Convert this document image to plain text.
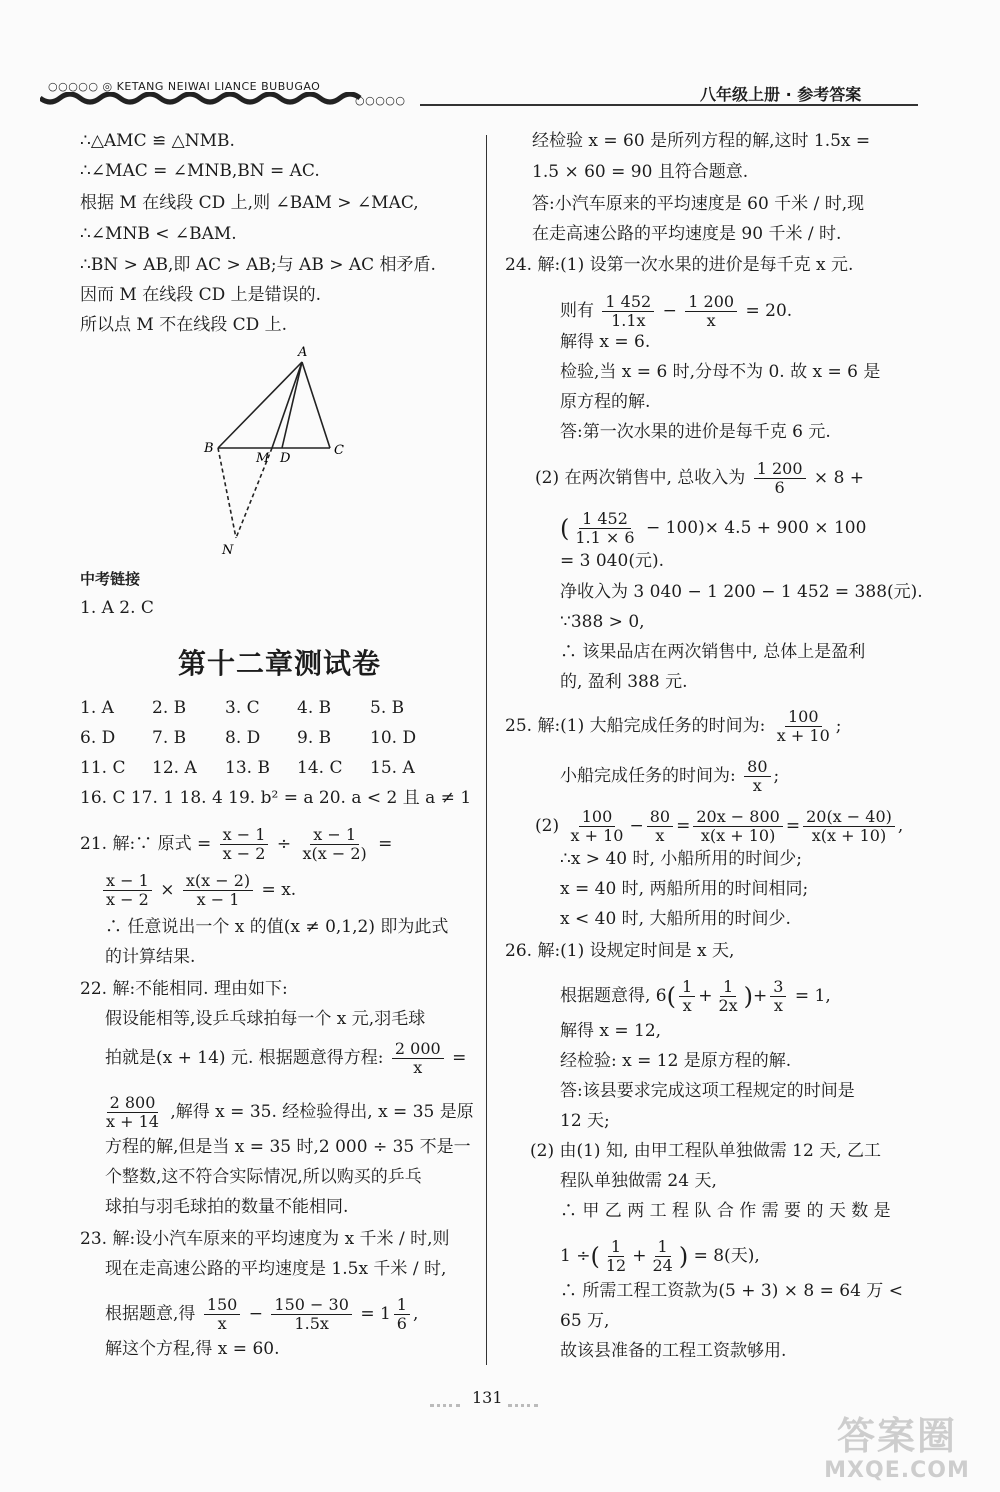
○○○○○ ◎ KETANG NEIWAI LIANCE BUBUGAO
○○○○○	八年级上册 · 参考答案
∴△AMC ≌ △NMB.
∴∠MAC = ∠MNB,BN = AC.
根据 M 在线段 CD 上,则 ∠BAM > ∠MAC,
∴∠MNB < ∠BAM.
∴BN > AB,即 AC > AB;与 AB > AC 相矛盾.
因而 M 在线段 CD 上是错误的.
所以点 M 不在线段 CD 上.
A
B	C
M D
N
中考链接
1. A 2. C
第十二章测试卷
1. A 2. B 3. C 4. B 5. B
6. D 7. B 8. D 9. B 10. D
11. C 12. A 13. B 14. C 15. A
16. C 17. 1 18. 4 19. b² = a 20. a < 2 且 a ≠ 1
21. 解:∵ 原式 = $\frac{x - 1}{x - 2} \div \frac{x - 1}{x(x - 2)}$ =
$\frac{x - 1}{x - 2} \times \frac{x(x - 2)}{x - 1} = x$.
∴ 任意说出一个 x 的值(x ≠ 0,1,2) 即为此式
的计算结果.
22. 解:不能相同. 理由如下:
假设能相等,设乒乓球拍每一个 x 元,羽毛球
拍就是(x + 14) 元. 根据题意得方程: $\frac{2 000}{x}$ =
$\frac{2 800}{x + 14}$ ,解得 x = 35. 经检验得出, x = 35 是原
方程的解,但是当 x = 35 时,2 000 ÷ 35 不是一
个整数,这不符合实际情况,所以购买的乒乓
球拍与羽毛球拍的数量不能相同.
23. 解:设小汽车原来的平均速度为 x 千米 / 时,则
现在走高速公路的平均速度是 1.5x 千米 / 时,
根据题意,得 $\frac{150}{x} - \frac{150 - 30}{1.5x} = 1 \frac{1}{6}$ ,
解这个方程,得 x = 60.
经检验 x = 60 是所列方程的解,这时 1.5x =
1.5 × 60 = 90 且符合题意.
答:小汽车原来的平均速度是 60 千米 / 时,现
在走高速公路的平均速度是 90 千米 / 时.
24. 解:(1) 设第一次水果的进价是每千克 x 元.
则有 $\frac{1 452}{1.1x} - \frac{1 200}{x} = 20$.
解得 x = 6.
检验,当 x = 6 时,分母不为 0. 故 x = 6 是
原方程的解.
答:第一次水果的进价是每千克 6 元.
(2) 在两次销售中, 总收入为 $\frac{1 200}{6} \times 8$ +
( $\frac{1 452}{1.1 \times 6} - 100)\times 4.5 + 900 \times 100$
= 3 040(元).
净收入为 3 040 − 1 200 − 1 452 = 388(元).
∵388 > 0,
∴ 该果品店在两次销售中, 总体上是盈利
的, 盈利 388 元.
25. 解:(1) 大船完成任务的时间为: $\frac{100}{x + 10}$ ;
小船完成任务的时间为: $\frac{80}{x}$ ;
$(2) \frac{100}{x + 10} - \frac{80}{x} = \frac{20x - 800}{x(x + 10)} = \frac{20(x - 40)}{x(x + 10)}$ ,
∴x > 40 时, 小船所用的时间少;
x = 40 时, 两船所用的时间相同;
x < 40 时, 大船所用的时间少.
26. 解:(1) 设规定时间是 x 天,
根据题意得, $6( \frac{1}{x} + \frac{1}{2x}$ )+ $\frac{3}{x} = 1$,
解得 x = 12,
经检验: x = 12 是原方程的解.
答:该县要求完成这项工程规定的时间是
12 天;
(2) 由(1) 知, 由甲工程队单独做需 12 天, 乙工
程队单独做需 24 天,
∴ 甲 乙 两 工 程 队 合 作 需 要 的 天 数 是
1 ÷( $\frac{1}{12} + \frac{1}{24}$ ) = 8(天),
∴ 所需工程工资款为(5 + 3) × 8 = 64 万 <
65 万,
故该县准备的工程工资款够用.
131
答案圈
MXQE.COM
